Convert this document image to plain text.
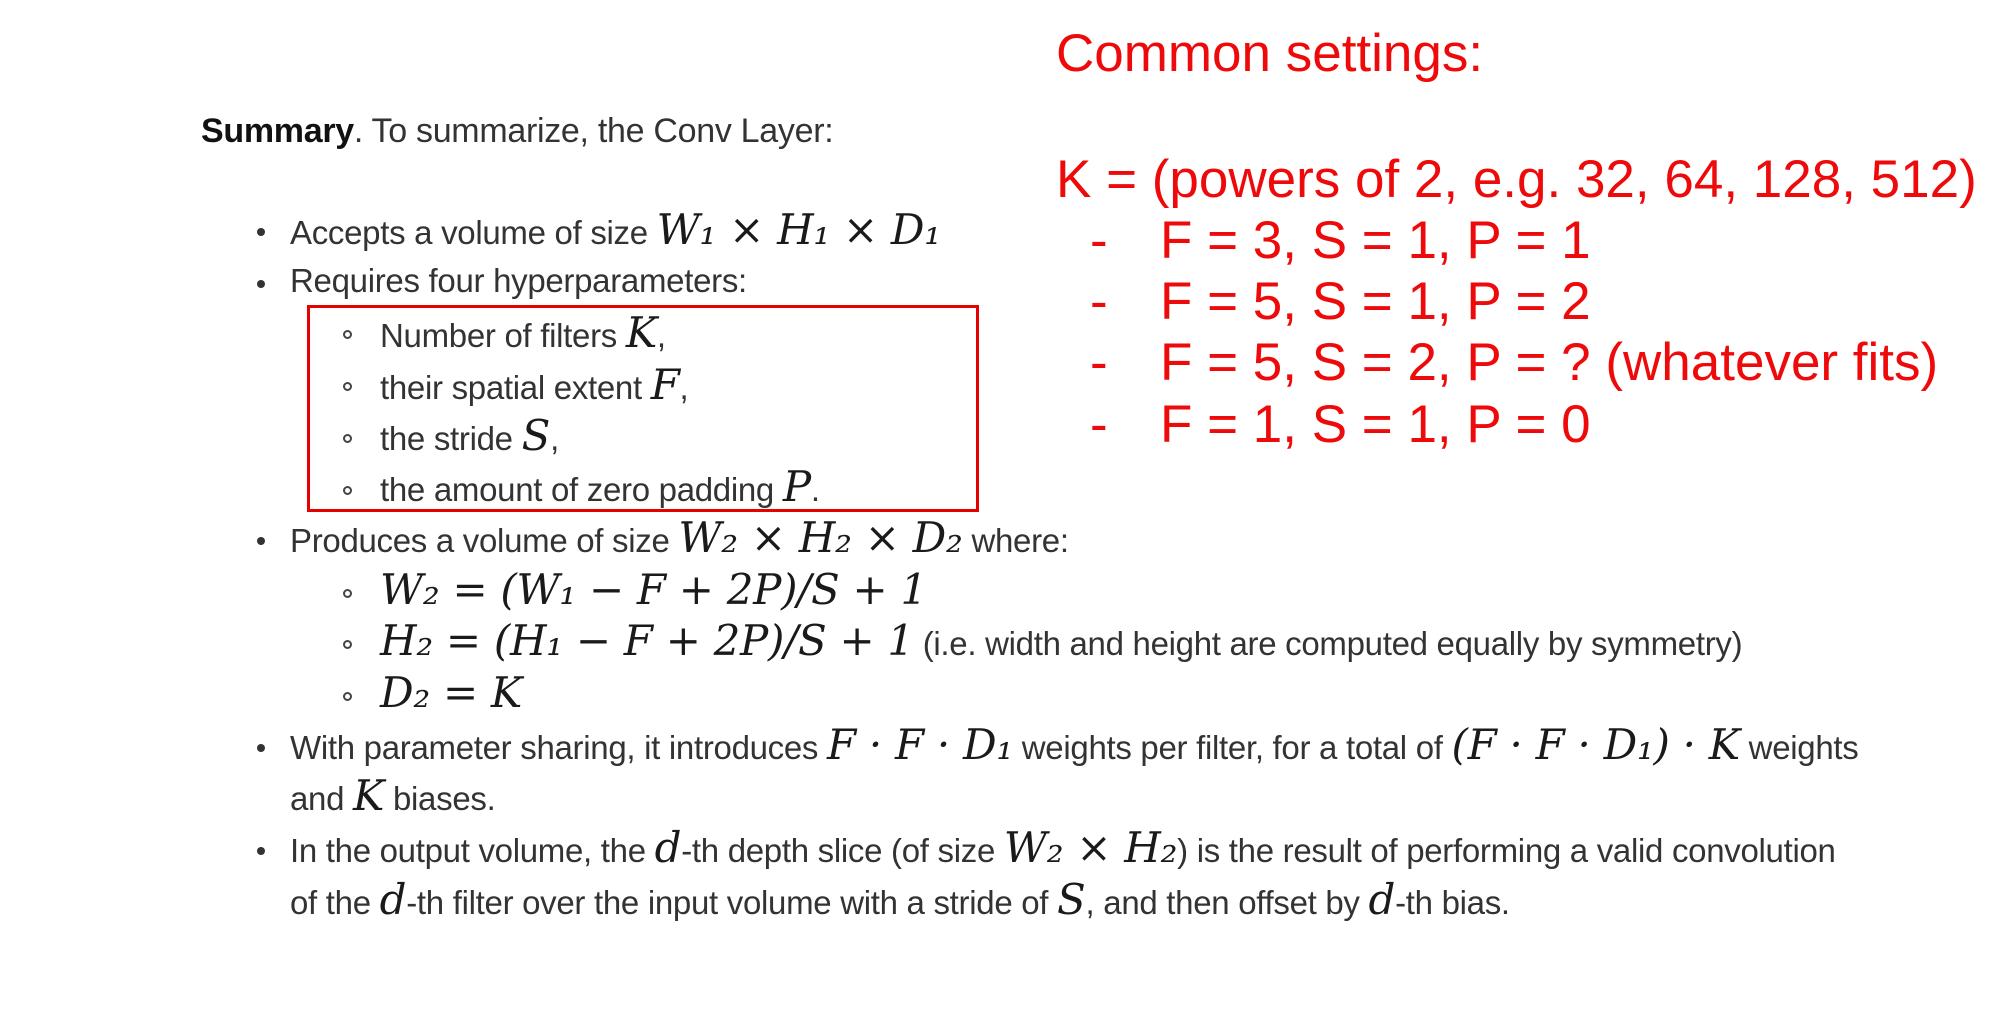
Summary. To summarize, the Conv Layer:
Accepts a volume of size W₁ × H₁ × D₁
Requires four hyperparameters:
Number of filters K,
their spatial extent F,
the stride S,
the amount of zero padding P.
Produces a volume of size W₂ × H₂ × D₂ where:
W₂ = (W₁ − F + 2P)/S + 1
H₂ = (H₁ − F + 2P)/S + 1 (i.e. width and height are computed equally by symmetry)
D₂ = K
With parameter sharing, it introduces F · F · D₁ weights per filter, for a total of (F · F · D₁) · K weights
and K biases.
In the output volume, the d-th depth slice (of size W₂ × H₂) is the result of performing a valid convolution
of the d-th filter over the input volume with a stride of S, and then offset by d-th bias.
Common settings:
K = (powers of 2, e.g. 32, 64, 128, 512)
- F = 3, S = 1, P = 1
- F = 5, S = 1, P = 2
- F = 5, S = 2, P = ? (whatever fits)
- F = 1, S = 1, P = 0
